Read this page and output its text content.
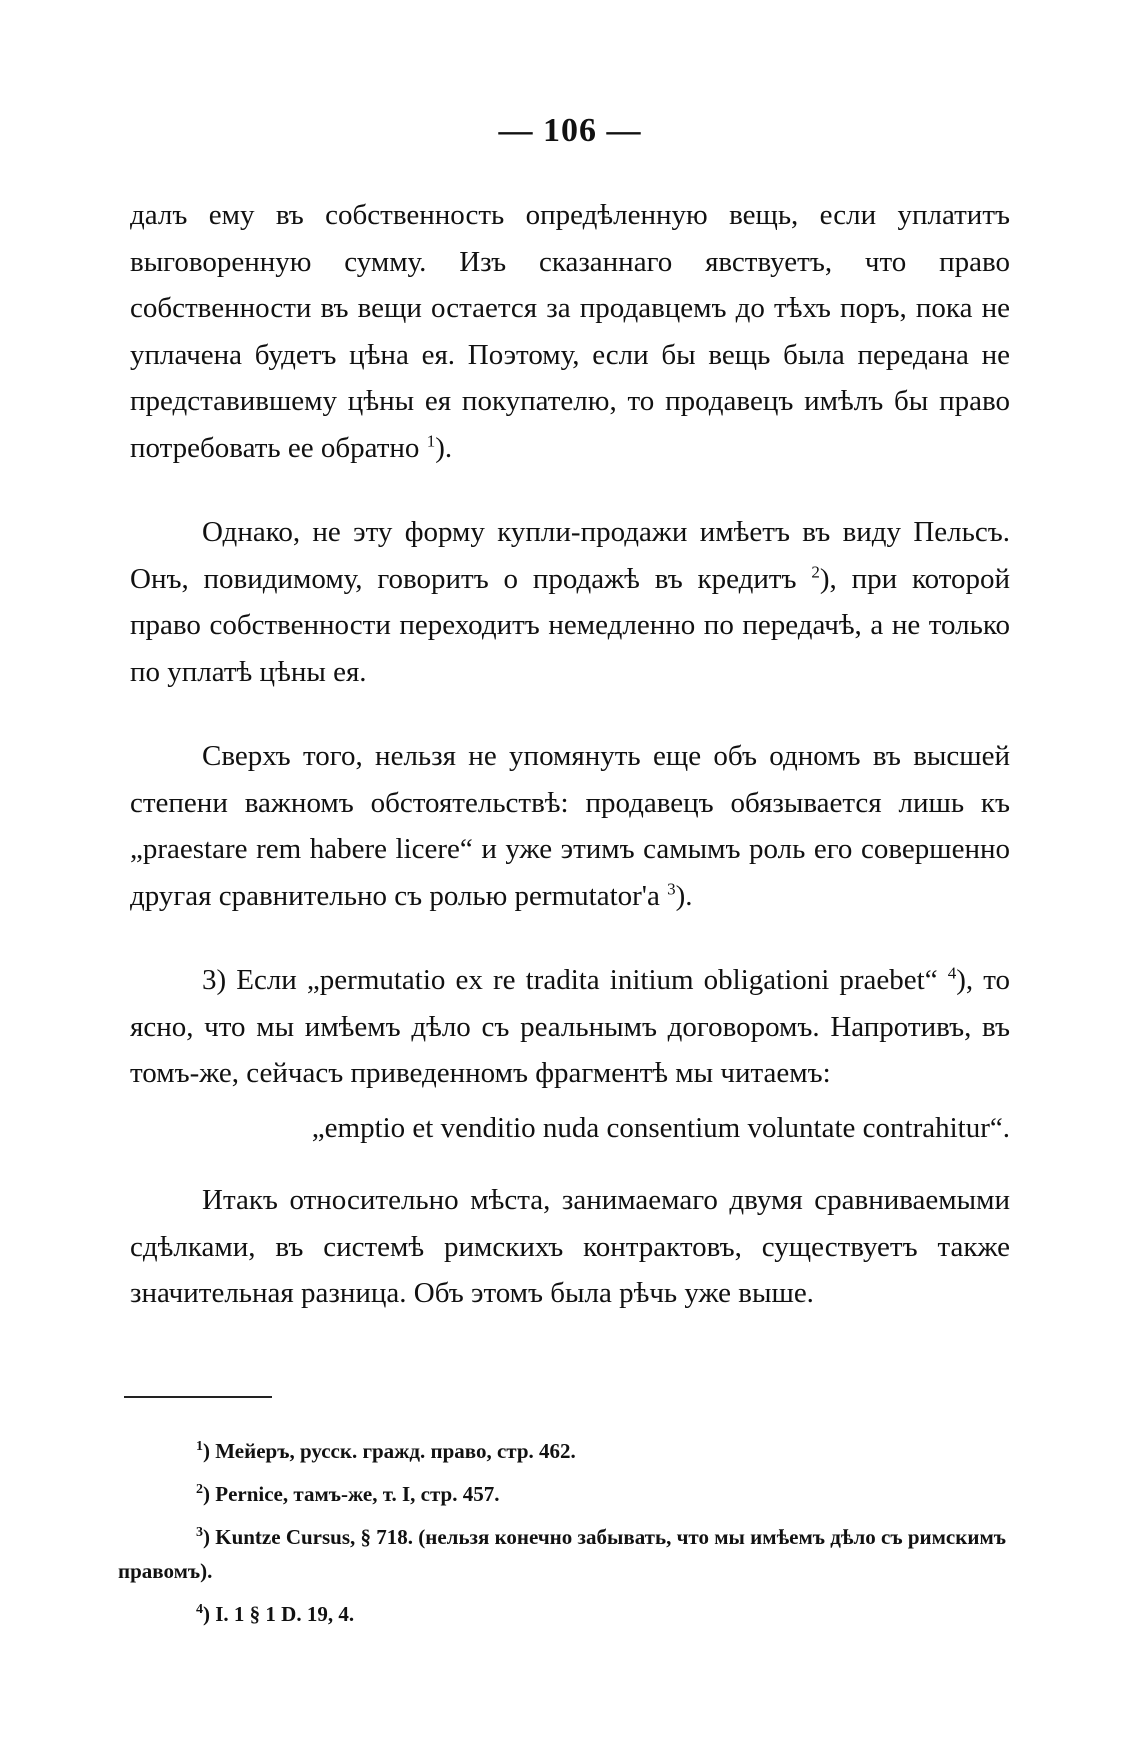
— 106 —

далъ ему въ собственность опредѣленную вещь, если уплатитъ выговоренную сумму. Изъ сказаннаго явствуетъ, что право собственности въ вещи остается за продавцемъ до тѣхъ поръ, пока не уплачена будетъ цѣна ея. Поэтому, если бы вещь была передана не представившему цѣны ея покупателю, то продавецъ имѣлъ бы право потребовать ее обратно $^1$).

Однако, не эту форму купли-продажи имѣетъ въ виду Пельсъ. Онъ, повидимому, говоритъ о продажѣ въ кредитъ $^2$), при которой право собственности переходитъ немедленно по передачѣ, а не только по уплатѣ цѣны ея.

Сверхъ того, нельзя не упомянуть еще объ одномъ въ высшей степени важномъ обстоятельствѣ: продавецъ обязывается лишь къ „praestare rem habere licere“ и уже этимъ самымъ роль его совершенно другая сравнительно съ ролью permutator'a $^3$).

3) Если „permutatio ex re tradita initium obligationi praebet“ $^4$), то ясно, что мы имѣемъ дѣло съ реальнымъ договоромъ. Напротивъ, въ томъ-же, сейчасъ приведенномъ фрагментѣ мы читаемъ:

„emptio et venditio nuda consentium voluntate contrahitur“.

Итакъ относительно мѣста, занимаемаго двумя сравниваемыми сдѣлками, въ системѣ римскихъ контрактовъ, существуетъ также значительная разница. Объ этомъ была рѣчь уже выше.

$^1$) Мейеръ, русск. гражд. право, стр. 462.

$^2$) Pernice, тамъ-же, т. I, стр. 457.

$^3$) Kuntze Cursus, § 718. (нельзя конечно забывать, что мы имѣемъ дѣло съ римскимъ правомъ).

$^4$) I. 1 § 1 D. 19, 4.
